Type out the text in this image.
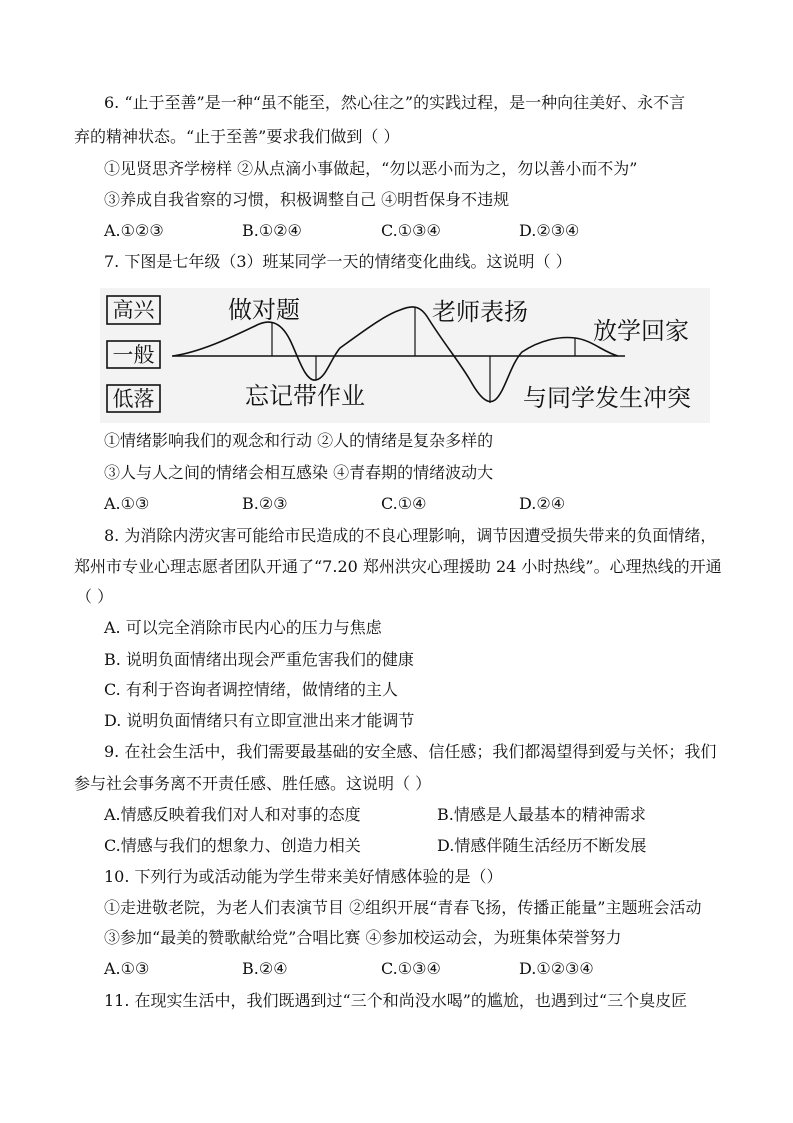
6. “止于至善”是一种“虽不能至，然心往之”的实践过程，是一种向往美好、永不言
弃的精神状态。“止于至善”要求我们做到（ ）
①见贤思齐学榜样 ②从点滴小事做起，“勿以恶小而为之，勿以善小而不为”
③养成自我省察的习惯，积极调整自己 ④明哲保身不违规
A.①②③	B.①②④	C.①③④	D.②③④
7. 下图是七年级（3）班某同学一天的情绪变化曲线。这说明（ ）
高兴
一般
低落
做对题	老师表扬
放学回家
忘记带作业	与同学发生冲突
①情绪影响我们的观念和行动 ②人的情绪是复杂多样的
③人与人之间的情绪会相互感染 ④青春期的情绪波动大
A.①③	B.②③	C.①④	D.②④
8. 为消除内涝灾害可能给市民造成的不良心理影响，调节因遭受损失带来的负面情绪，
郑州市专业心理志愿者团队开通了“7.20 郑州洪灾心理援助 24 小时热线”。心理热线的开通
（ ）
A. 可以完全消除市民内心的压力与焦虑
B. 说明负面情绪出现会严重危害我们的健康
C. 有利于咨询者调控情绪，做情绪的主人
D. 说明负面情绪只有立即宣泄出来才能调节
9. 在社会生活中，我们需要最基础的安全感、信任感；我们都渴望得到爱与关怀；我们
参与社会事务离不开责任感、胜任感。这说明（ ）
A.情感反映着我们对人和对事的态度	B.情感是人最基本的精神需求
C.情感与我们的想象力、创造力相关	D.情感伴随生活经历不断发展
10. 下列行为或活动能为学生带来美好情感体验的是（）
①走进敬老院，为老人们表演节目 ②组织开展“青春飞扬，传播正能量”主题班会活动
③参加“最美的赞歌献给党”合唱比赛 ④参加校运动会，为班集体荣誉努力
A.①③	B.②④	C.①③④	D.①②③④
11. 在现实生活中，我们既遇到过“三个和尚没水喝”的尴尬，也遇到过“三个臭皮匠
